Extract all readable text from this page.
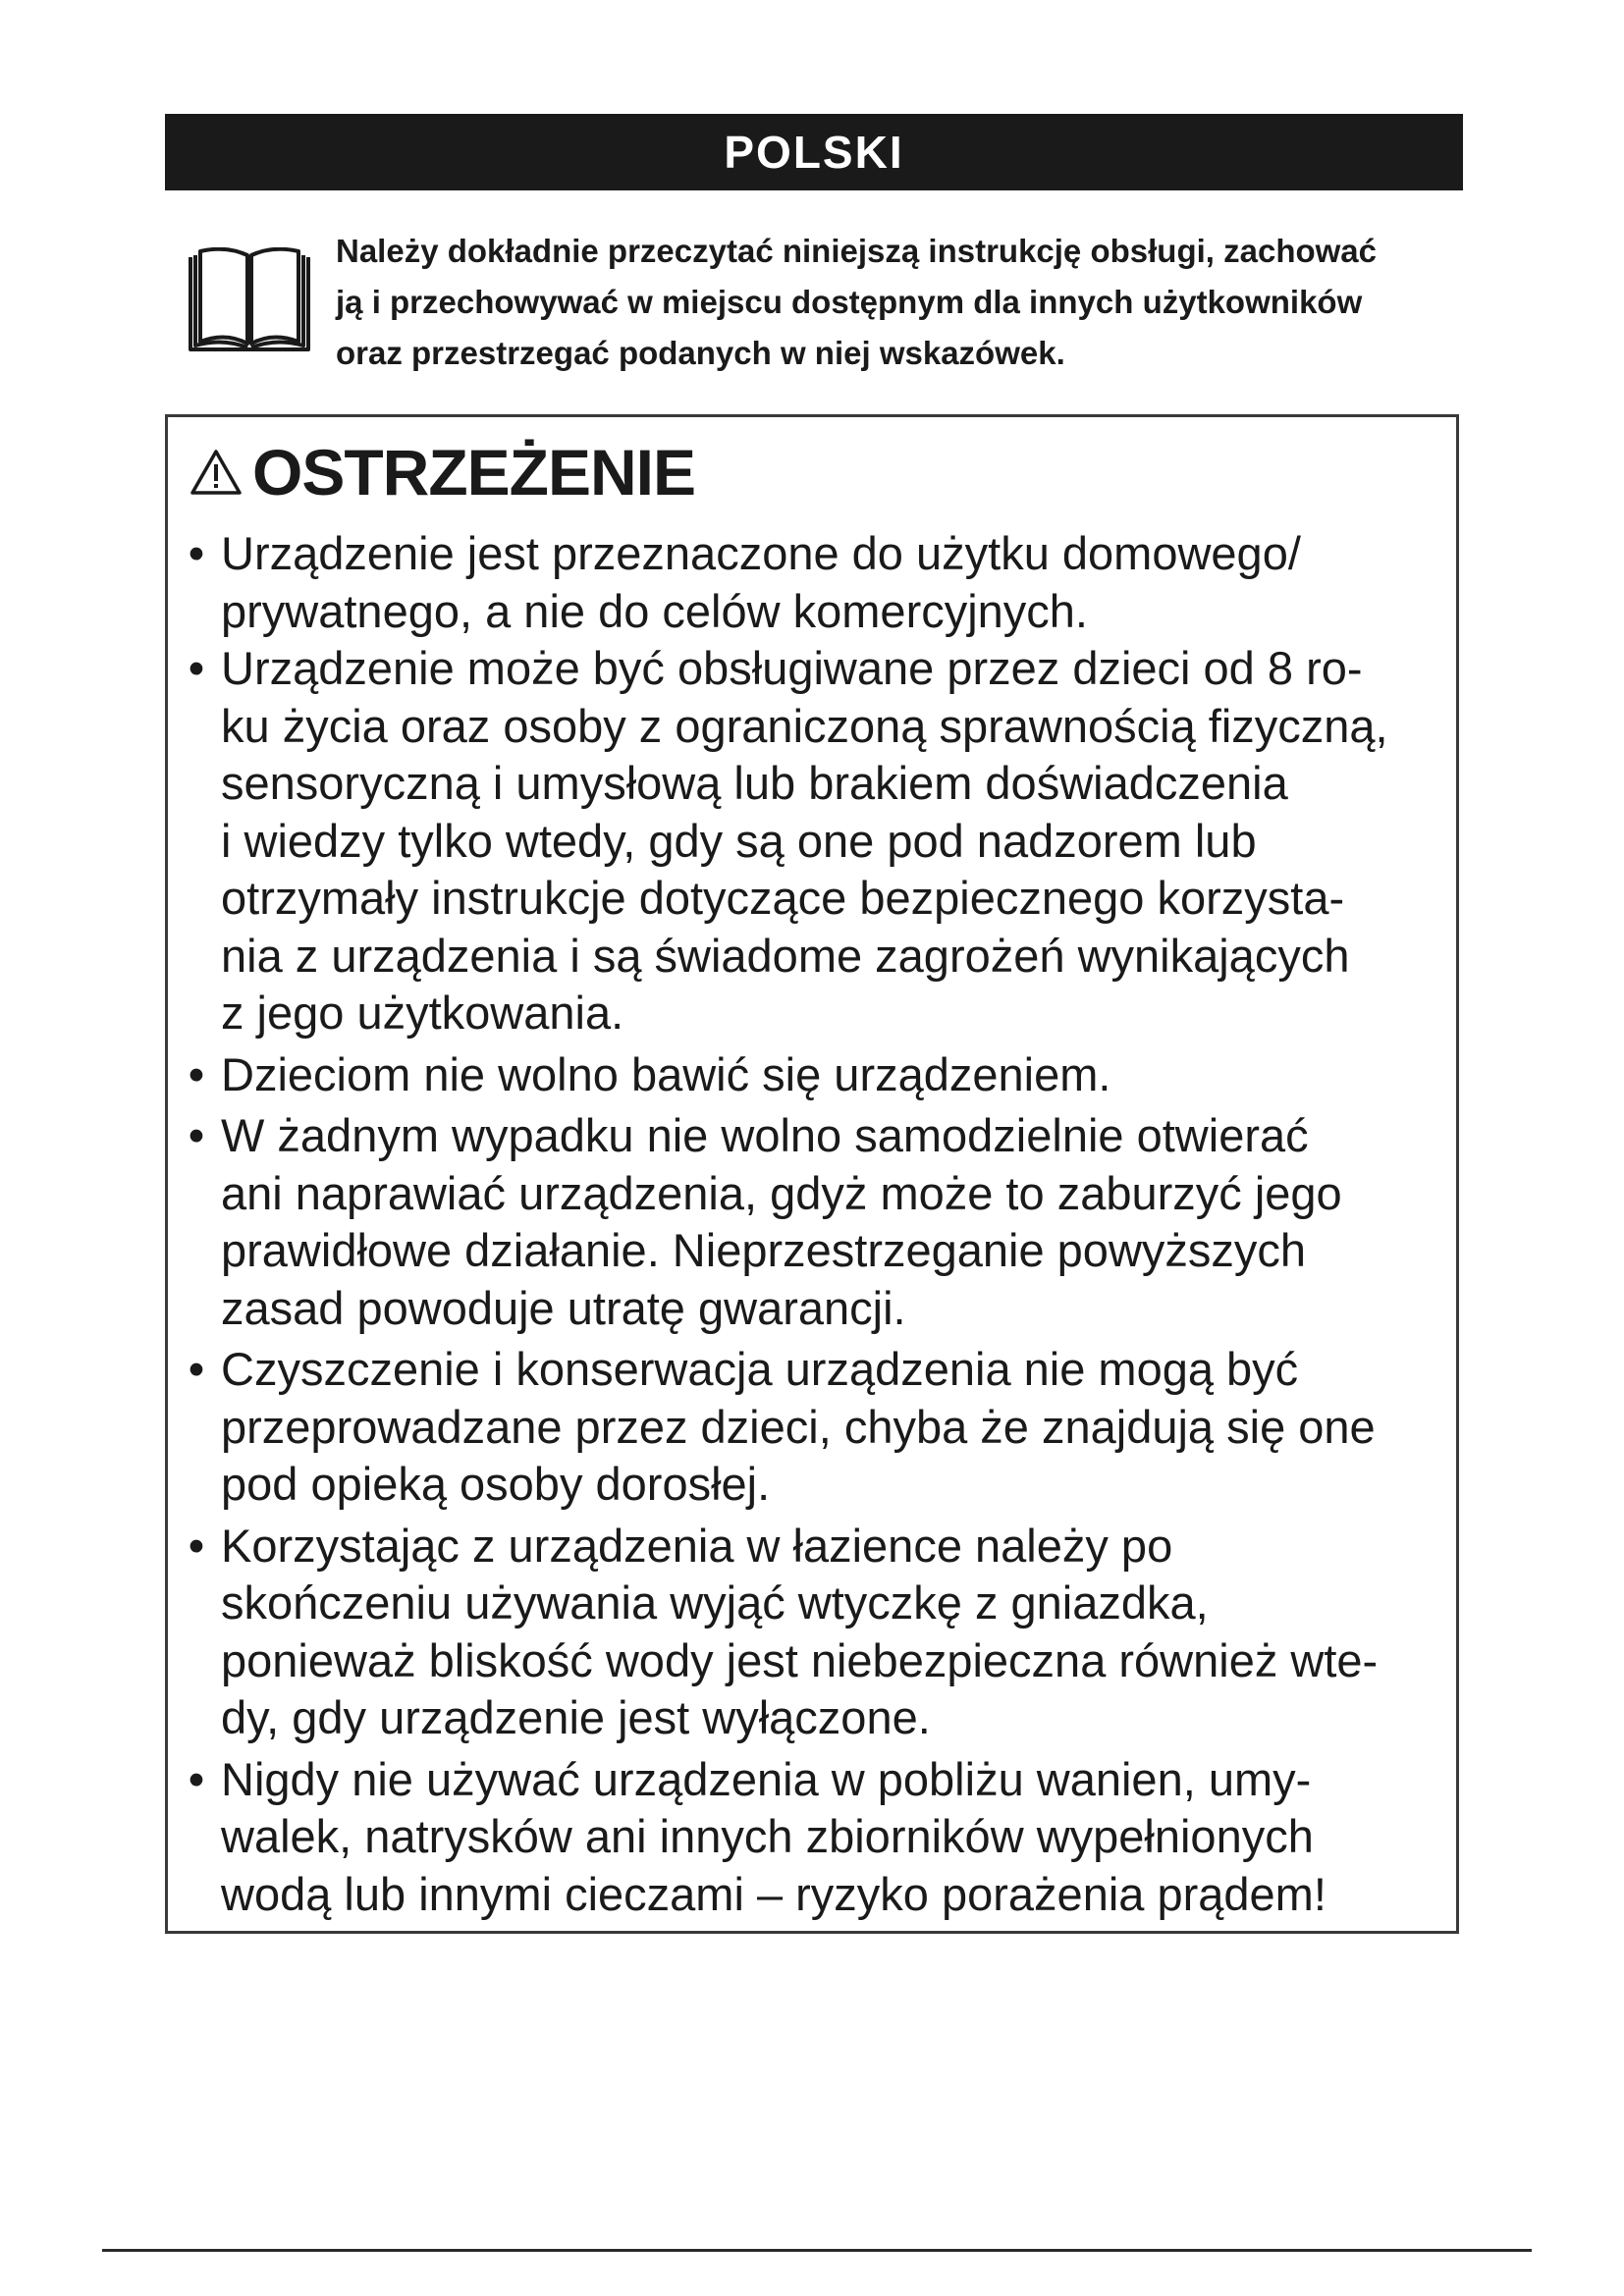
POLSKI
Należy dokładnie przeczytać niniejszą instrukcję obsługi, zachować
ją i przechowywać w miejscu dostępnym dla innych użytkowników
oraz przestrzegać podanych w niej wskazówek.
OSTRZEŻENIE
• Urządzenie jest przeznaczone do użytku domowego/
prywatnego, a nie do celów komercyjnych.
• Urządzenie może być obsługiwane przez dzieci od 8 ro-
ku życia oraz osoby z ograniczoną sprawnością fizyczną,
sensoryczną i umysłową lub brakiem doświadczenia
i wiedzy tylko wtedy, gdy są one pod nadzorem lub
otrzymały instrukcje dotyczące bezpiecznego korzysta-
nia z urządzenia i są świadome zagrożeń wynikających
z jego użytkowania.
• Dzieciom nie wolno bawić się urządzeniem.
• W żadnym wypadku nie wolno samodzielnie otwierać
ani naprawiać urządzenia, gdyż może to zaburzyć jego
prawidłowe działanie. Nieprzestrzeganie powyższych
zasad powoduje utratę gwarancji.
• Czyszczenie i konserwacja urządzenia nie mogą być
przeprowadzane przez dzieci, chyba że znajdują się one
pod opieką osoby dorosłej.
• Korzystając z urządzenia w łazience należy po
skończeniu używania wyjąć wtyczkę z gniazdka,
ponieważ bliskość wody jest niebezpieczna również wte-
dy, gdy urządzenie jest wyłączone.
• Nigdy nie używać urządzenia w pobliżu wanien, umy-
walek, natrysków ani innych zbiorników wypełnionych
wodą lub innymi cieczami – ryzyko porażenia prądem!
